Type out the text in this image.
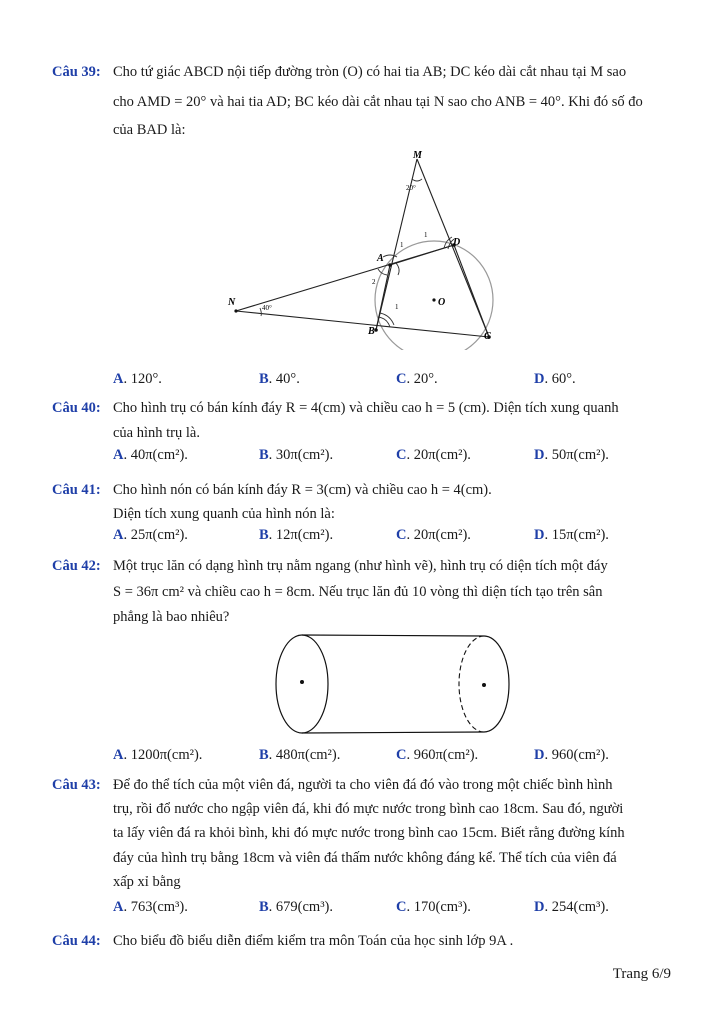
Câu 39: Cho tứ giác ABCD nội tiếp đường tròn (O) có hai tia AB; DC kéo dài cắt nhau tại M sao
cho AMD = 20° và hai tia AD; BC kéo dài cắt nhau tại N sao cho ANB = 40°. Khi đó số đo
của BAD là:
M
N
A
B	C
D
O
20°
40°
1
2
1
1
A. 120°.	B. 40°.	C. 20°.	D. 60°.
Câu 40: Cho hình trụ có bán kính đáy R = 4(cm) và chiều cao h = 5 (cm). Diện tích xung quanh
của hình trụ là.
A. 40π(cm²).	B. 30π(cm²).	C. 20π(cm²).	D. 50π(cm²).
Câu 41: Cho hình nón có bán kính đáy R = 3(cm) và chiều cao h = 4(cm).
Diện tích xung quanh của hình nón là:
A. 25π(cm²).	B. 12π(cm²).	C. 20π(cm²).	D. 15π(cm²).
Câu 42: Một trục lăn có dạng hình trụ nằm ngang (như hình vẽ), hình trụ có diện tích một đáy
S = 36π cm² và chiều cao h = 8cm. Nếu trục lăn đủ 10 vòng thì diện tích tạo trên sân
phẳng là bao nhiêu?
A. 1200π(cm²).	B. 480π(cm²).	C. 960π(cm²).	D. 960(cm²).
Câu 43: Để đo thể tích của một viên đá, người ta cho viên đá đó vào trong một chiếc bình hình
trụ, rồi đổ nước cho ngập viên đá, khi đó mực nước trong bình cao 18cm. Sau đó, người
ta lấy viên đá ra khỏi bình, khi đó mực nước trong bình cao 15cm. Biết rằng đường kính
đáy của hình trụ bằng 18cm và viên đá thấm nước không đáng kể. Thể tích của viên đá
xấp xỉ bằng
A. 763(cm³).	B. 679(cm³).	C. 170(cm³).	D. 254(cm³).
Câu 44: Cho biểu đồ biểu diễn điểm kiểm tra môn Toán của học sinh lớp 9A .
Trang 6/9
